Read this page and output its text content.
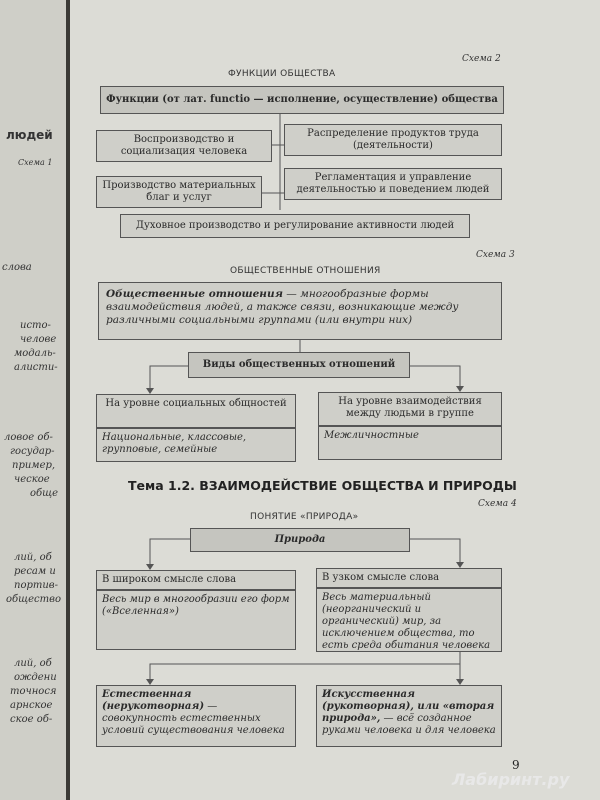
людей
Схема 1
слова
исто-
челове
модаль-
алисти-
ловое об-
государ-
пример,
ческое
обще
лий, об
ресам и
портив-
общество
лий, об
ождени
точнося
арнское
ское об-
Схема 2
ФУНКЦИИ ОБЩЕСТВА
Функции (от лат. functio — исполнение, осуществление) общества
Воспроизводство и социализация человека
Распределение продуктов труда (деятельности)
Производство материальных благ и услуг
Регламентация и управление деятельностью и поведением людей
Духовное производство и регулирование активности людей
Схема 3
ОБЩЕСТВЕННЫЕ ОТНОШЕНИЯ
Общественные отношения — многообразные формы взаимодействия людей, а также связи, возникающие между различными социальными группами (или внутри них)
Виды общественных отношений
На уровне социальных общностей
Национальные, классовые, групповые, семейные
На уровне взаимодействия между людьми в группе
Межличностные
Тема 1.2. ВЗАИМОДЕЙСТВИЕ ОБЩЕСТВА И ПРИРОДЫ
Схема 4
ПОНЯТИЕ «ПРИРОДА»
Природа
В широком смысле слова
Весь мир в многообразии его форм («Вселенная»)
В узком смысле слова
Весь материальный (неорганический и органический) мир, за исключением общества, то есть среда обитания человека
Естественная (нерукотворная) — совокупность естественных условий существования человека
Искусственная (рукотворная), или «вторая природа», — всё созданное руками человека и для человека
9
Лабиринт.ру
